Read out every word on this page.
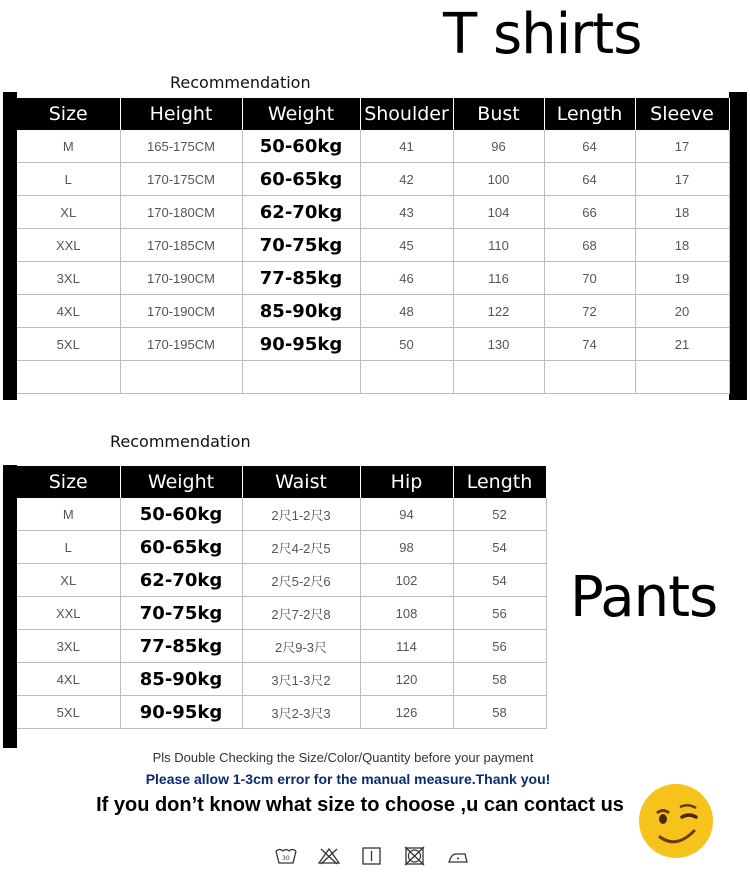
T shirts
Recommendation
Size	Height	Weight	Shoulder	Bust	Length	Sleeve
M	165-175CM	50-60kg	41	96	64	17
L	170-175CM	60-65kg	42	100	64	17
XL	170-180CM	62-70kg	43	104	66	18
XXL	170-185CM	70-75kg	45	110	68	18
3XL	170-190CM	77-85kg	46	116	70	19
4XL	170-190CM	85-90kg	48	122	72	20
5XL	170-195CM	90-95kg	50	130	74	21

Recommendation
Size	Weight	Waist	Hip	Length
M	50-60kg	2尺1-2尺3	94	52
L	60-65kg	2尺4-2尺5	98	54
XL	62-70kg	2尺5-2尺6	102	54
XXL	70-75kg	2尺7-2尺8	108	56
3XL	77-85kg	2尺9-3尺	114	56
4XL	85-90kg	3尺1-3尺2	120	58
5XL	90-95kg	3尺2-3尺3	126	58
Pants
Pls Double Checking the Size/Color/Quantity before your payment
Please allow 1-3cm error for the manual measure.Thank you!
If you don’t know what size to choose ,u can contact us
30
